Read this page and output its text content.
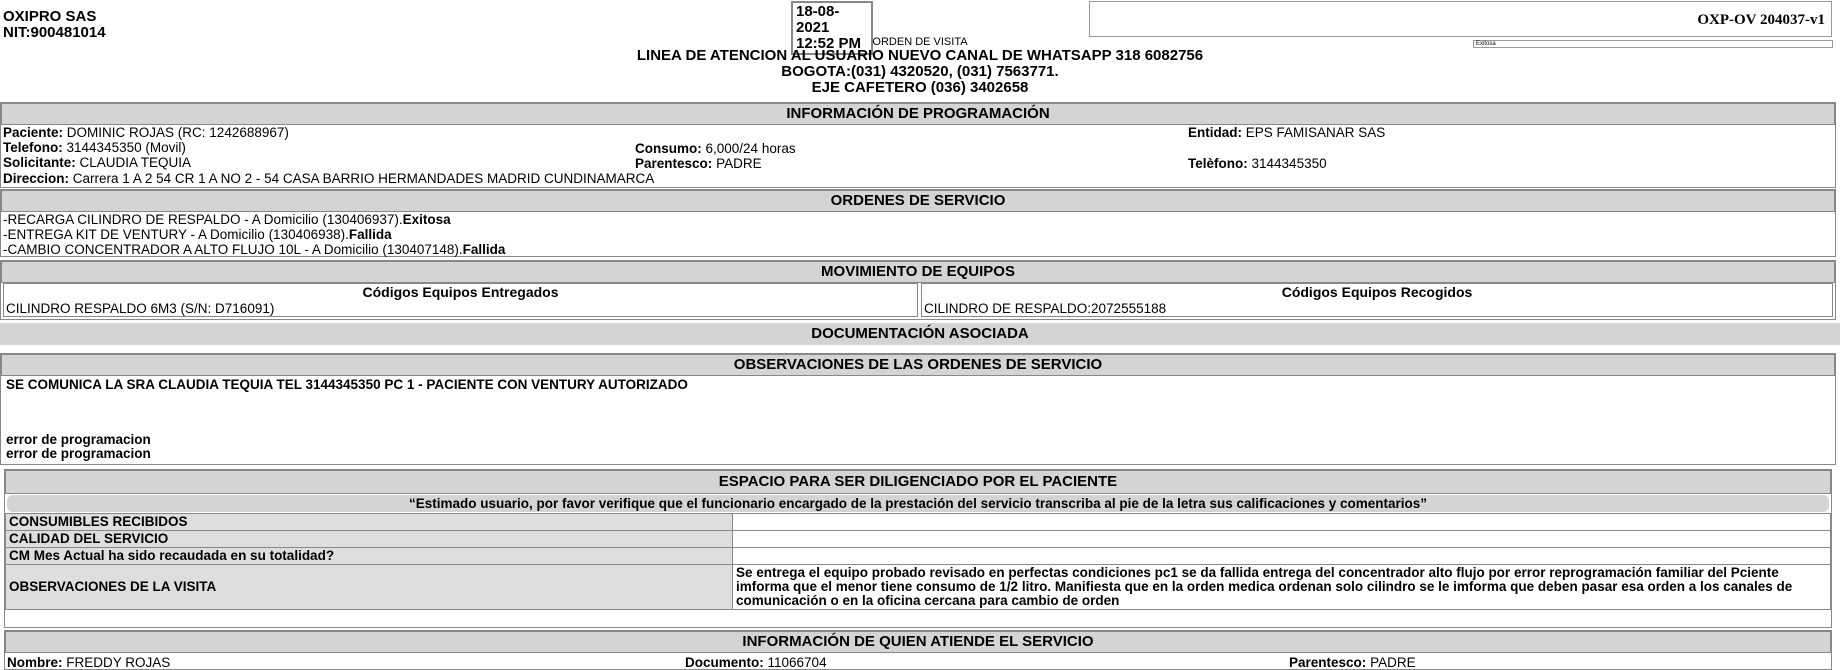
OXIPRO SAS
NIT:900481014
18-08-2021
12:52 PM
OXP-OV 204037-v1
Exitosa
ORDEN DE VISITA
LINEA DE ATENCION AL USUARIO NUEVO CANAL DE WHATSAPP 318 6082756
BOGOTA:(031) 4320520, (031) 7563771.
EJE CAFETERO (036) 3402658
INFORMACIÓN DE PROGRAMACIÓN
Paciente: DOMINIC ROJAS (RC: 1242688967)
Telefono: 3144345350 (Movil)
Solicitante: CLAUDIA TEQUIA
Direccion: Carrera 1 A 2 54 CR 1 A NO 2 - 54 CASA BARRIO HERMANDADES MADRID CUNDINAMARCA
Consumo: 6,000/24 horas
Parentesco: PADRE
Entidad: EPS FAMISANAR SAS
Telèfono: 3144345350
ORDENES DE SERVICIO
-RECARGA CILINDRO DE RESPALDO - A Domicilio (130406937).Exitosa
-ENTREGA KIT DE VENTURY - A Domicilio (130406938).Fallida
-CAMBIO CONCENTRADOR A ALTO FLUJO 10L - A Domicilio (130407148).Fallida
MOVIMIENTO DE EQUIPOS
Códigos Equipos Entregados
CILINDRO RESPALDO 6M3 (S/N: D716091)
Códigos Equipos Recogidos
CILINDRO DE RESPALDO:2072555188
DOCUMENTACIÓN ASOCIADA
OBSERVACIONES DE LAS ORDENES DE SERVICIO
SE COMUNICA LA SRA CLAUDIA TEQUIA TEL 3144345350 PC 1 - PACIENTE CON VENTURY AUTORIZADO
error de programacion
error de programacion
ESPACIO PARA SER DILIGENCIADO POR EL PACIENTE
“Estimado usuario, por favor verifique que el funcionario encargado de la prestación del servicio transcriba al pie de la letra sus calificaciones y comentarios”
CONSUMIBLES RECIBIDOS	
CALIDAD DEL SERVICIO	
CM Mes Actual ha sido recaudada en su totalidad?	
OBSERVACIONES DE LA VISITA	Se entrega el equipo probado revisado en perfectas condiciones pc1 se da fallida entrega del concentrador alto flujo por error reprogramación familiar del Pciente imforma que el menor tiene consumo de 1/2 litro. Manifiesta que en la orden medica ordenan solo cilindro se le imforma que deben pasar esa orden a los canales de comunicación o en la oficina cercana para cambio de orden
INFORMACIÓN DE QUIEN ATIENDE EL SERVICIO
Nombre: FREDDY ROJAS	Documento: 11066704	Parentesco: PADRE
